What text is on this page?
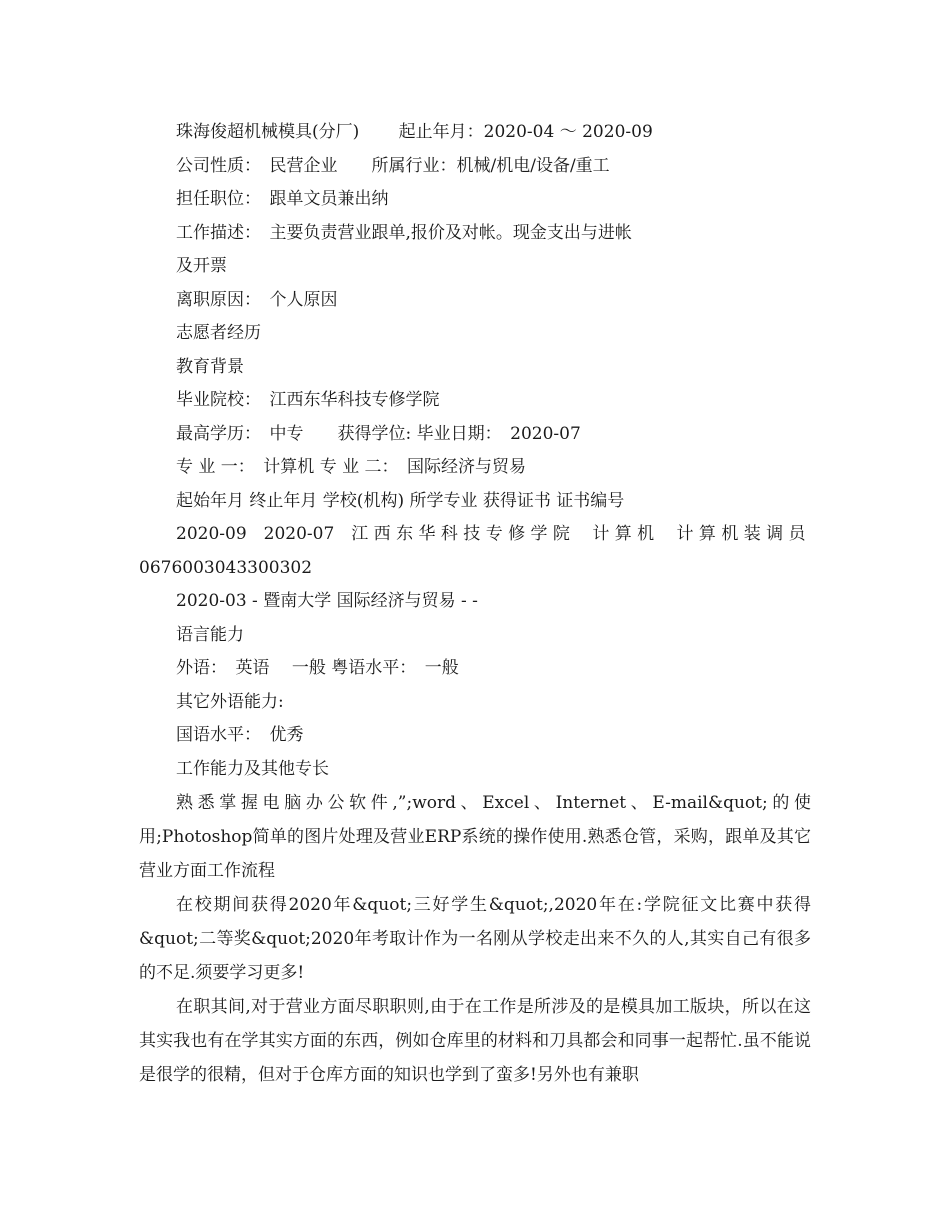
珠海俊超机械模具(分厂)　　 起止年月：2020-04 ～ 2020-09
公司性质：　民营企业　　所属行业：机械/机电/设备/重工
担任职位：　跟单文员兼出纳
工作描述：　主要负责营业跟单,报价及对帐。现金支出与进帐
及开票
离职原因：　个人原因
志愿者经历
教育背景
毕业院校：　江西东华科技专修学院
最高学历：　中专　　获得学位: 毕业日期：　2020-07
专 业 一：　计算机 专 业 二：　国际经济与贸易
起始年月 终止年月 学校(机构) 所学专业 获得证书 证书编号
2020-09　2020-07　江 西 东 华 科 技 专 修 学 院　 计 算 机　 计 算 机 装 调 员
0676003043300302
2020-03 - 暨南大学 国际经济与贸易 - -
语言能力
外语：　英语　 一般 粤语水平：　一般
其它外语能力:
国语水平：　优秀
工作能力及其他专长

熟悉掌握电脑办公软件,”;word、Excel、Internet、E-mail&quot;的使用;Photoshop简单的图片处理及营业ERP系统的操作使用.熟悉仓管，采购，跟单及其它营业方面工作流程

在校期间获得2020年&quot;三好学生&quot;,2020年在:学院征文比赛中获得&quot;二等奖&quot;2020年考取计作为一名刚从学校走出来不久的人,其实自己有很多的不足.须要学习更多!

在职其间,对于营业方面尽职职则,由于在工作是所涉及的是模具加工版块，所以在这其实我也有在学其实方面的东西，例如仓库里的材料和刀具都会和同事一起帮忙.虽不能说是很学的很精，但对于仓库方面的知识也学到了蛮多!另外也有兼职
